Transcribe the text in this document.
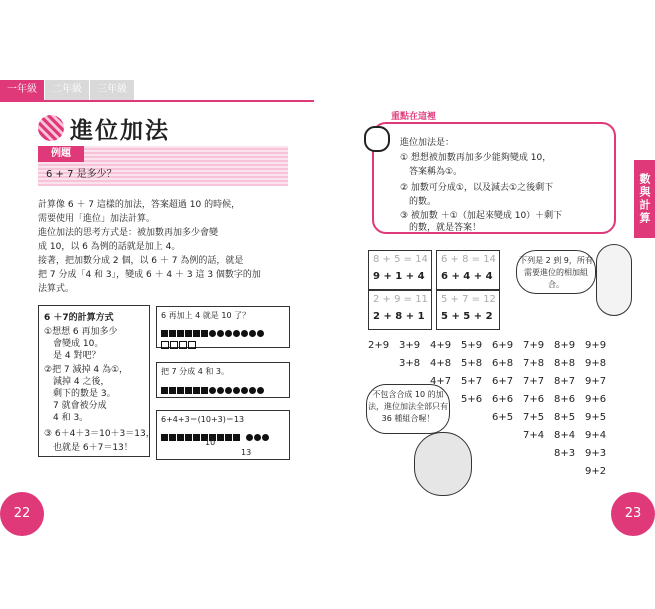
一年級	二年級	三年級
進位加法
例題
6 + 7 是多少？
計算像 6 ＋ 7 這樣的加法，答案超過 10 的時候，
需要使用「進位」加法計算。
進位加法的思考方式是：被加數再加多少會變
成 10，以 6 為例的話就是加上 4。
接著，把加數分成 2 個，以 6 ＋ 7 為例的話，就是
把 7 分成「4 和 3」，變成 6 ＋ 4 ＋ 3 這 3 個數字的加
法算式。
6 ＋7的計算方式
①想想 6 再加多少
　會變成 10。
　是 4 對吧？
②把 7 減掉 4 為①，
　減掉 4 之後，
　剩下的數是 3。
　7 就會被分成
　4 和 3。
③ 6＋4＋3＝10＋3＝13，
　也就是 6＋7＝13！
6 再加上 4 就是 10 了？
把 7 分成 4 和 3。
6+4+3＝(10+3)＝13

10
13
22
重點在這裡
進位加法是：
① 想想被加數再加多少能夠變成 10，
　答案稱為①。
② 加數可分成①，以及減去①之後剩下
　的數。
③ 被加數 ＋①（加起來變成 10）＋剩下
　的數，就是答案！
數與計算
8 + 5 = 14
9 + 1 + 4
6 + 8 = 14
6 + 4 + 4
2 + 9 = 11
2 + 8 + 1
5 + 7 = 12
5 + 5 + 2
下列是 2 到 9，所有需要進位的相加組合。
不包含合成 10 的加法，進位加法全部只有 36 種組合喔！
2+9 3+9 4+9 5+9 6+9 7+9 8+9 9+9
3+8 4+8 5+8 6+8 7+8 8+8 9+8
4+7 5+7 6+7 7+7 8+7 9+7
5+6 6+6 7+6 8+6 9+6
6+5 7+5 8+5 9+5
7+4 8+4 9+4
8+3 9+3
9+2
23
